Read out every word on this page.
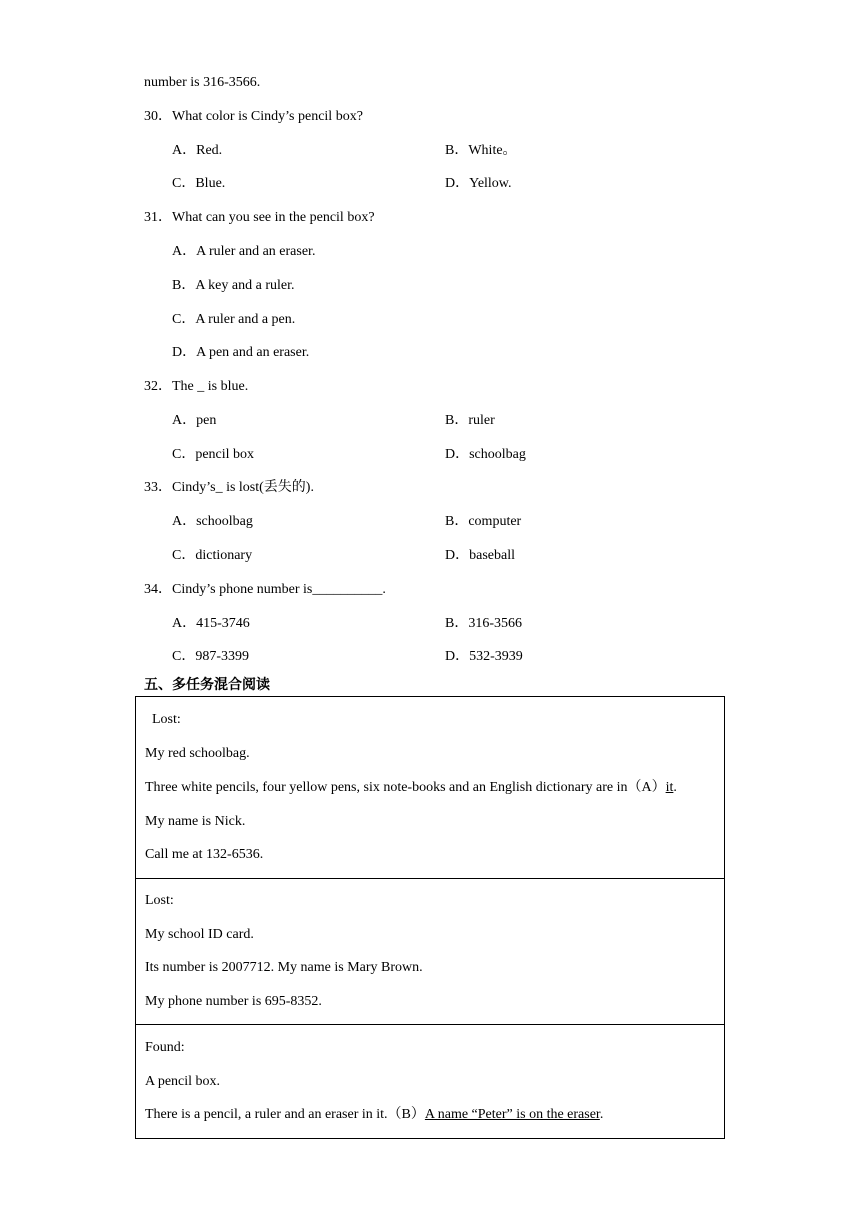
number is 316-3566.
30．What color is Cindy’s pencil box?
A．Red.	B．White。
C．Blue.	D．Yellow.
31．What can you see in the pencil box?
A．A ruler and an eraser.
B．A key and a ruler.
C．A ruler and a pen.
D．A pen and an eraser.
32．The _ is blue.
A．pen	B．ruler
C．pencil box	D．schoolbag
33．Cindy’s_ is lost(丢失的).
A．schoolbag	B．computer
C．dictionary	D．baseball
34．Cindy’s phone number is__________.
A．415-3746	B．316-3566
C．987-3399	D．532-3939
五、多任务混合阅读
Lost:
My red schoolbag.
Three white pencils, four yellow pens, six note-books and an English dictionary are in（A）it.
My name is Nick.
Call me at 132-6536.
Lost:
My school ID card.
Its number is 2007712. My name is Mary Brown.
My phone number is 695-8352.
Found:
A pencil box.
There is a pencil, a ruler and an eraser in it.（B）A name “Peter” is on the eraser.
